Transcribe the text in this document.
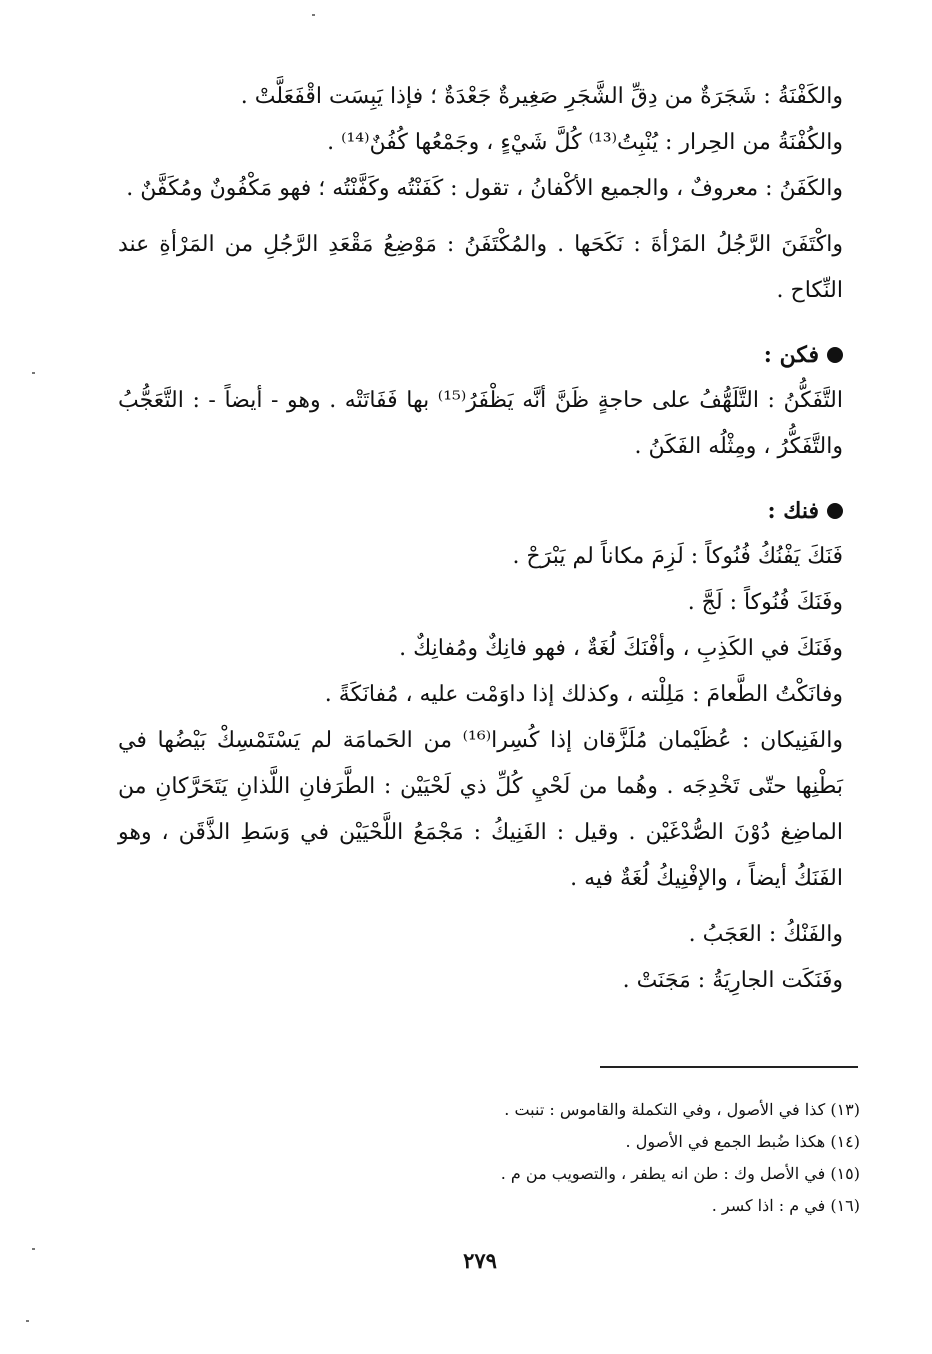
والكَفْنَةُ : شَجَرَةٌ من دِقِّ الشَّجَرِ صَغِيرةٌ جَعْدَةٌ ؛ فإذا يَبِسَت اقْفَعَلَّتْ .

والكُفْنَةُ من الحِرار : يُنْبِتُ⁽¹³⁾ كُلَّ شَيْءٍ ، وجَمْعُها كُفُنٌ⁽¹⁴⁾ .

والكَفَنُ : معروفٌ ، والجميع الأكْفانُ ، تقول : كَفَنْتُه وكَفَّنْتُه ؛ فهو مَكْفُونٌ ومُكَفَّنٌ .

واكْتَفَنَ الرَّجُلُ المَرْأةَ : نَكَحَها . والمُكْتَفَنُ : مَوْضِعُ مَقْعَدِ الرَّجُلِ من المَرْأةِ عند النِّكاح .

فكن :

التَّفَكُّنُ : التَّلَهُّفُ على حاجةٍ ظَنَّ أنَّه يَظْفَرُ⁽¹⁵⁾ بها فَفَاتَتْه . وهو - أيضاً - : التَّعَجُّبُ والتَّفَكُّرُ ، ومِثْلُه الفَكَنُ .

فنك :

فَنَكَ يَفْنُكُ فُنُوكاً : لَزِمَ مكاناً لم يَبْرَحْ .

وفَنَكَ فُنُوكاً : لَجَّ .

وفَنَكَ في الكَذِبِ ، وأفْنَكَ لُغَةٌ ، فهو فانِكٌ ومُفانِكٌ .

وفانَكْتُ الطَّعامَ : مَلِلْته ، وكذلك إذا داوَمْت عليه ، مُفانَكَةً .

والفَنِيكان : عُظَيْمان مُلَزَّقان إذا كُسِرا⁽¹⁶⁾ من الحَمامَة لم يَسْتَمْسِكْ بَيْضُها في بَطْنِها حتّى تَخْدِجَه . وهُما من لَحْيِ كُلِّ ذي لَحْيَيْن : الطَّرَفانِ اللَّذانِ يَتَحَرَّكانِ من الماضِغ دُوْنَ الصُّدْغَيْن . وقيل : الفَنِيكُ : مَجْمَعُ اللَّحْيَيْن في وَسَطِ الذَّقَن ، وهو الفَنَكُ أيضاً ، والإفْنِيكُ لُغَةٌ فيه .

والفَنْكُ : العَجَبُ .

وفَنَكَت الجارِيَةُ : مَجَنَتْ .

(١٣) كذا في الأصول ، وفي التكملة والقاموس : تنبت .

(١٤) هكذا ضُبط الجمع في الأصول .

(١٥) في الأصل وك : طن انه يطفر ، والتصويب من م .

(١٦) في م : اذا كسر .

٢٧٩
